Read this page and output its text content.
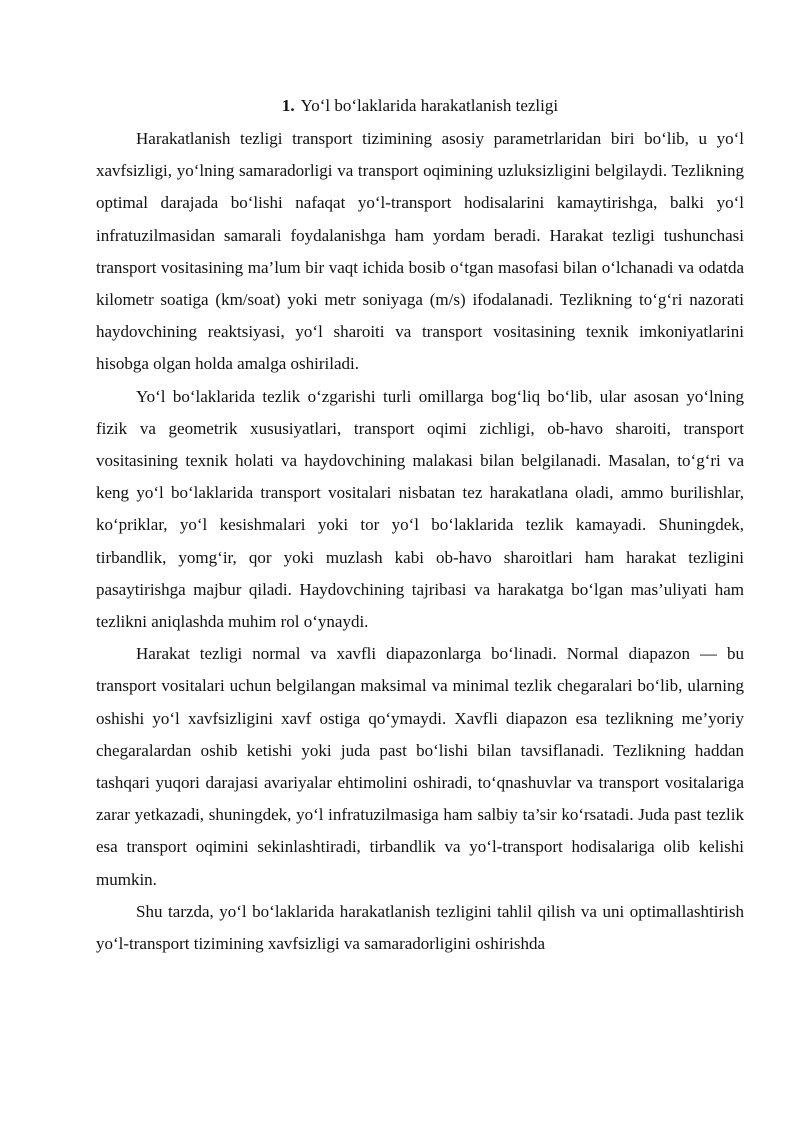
1. Yo‘l bo‘laklarida harakatlanish tezligi

Harakatlanish tezligi transport tizimining asosiy parametrlaridan biri bo‘lib, u yo‘l xavfsizligi, yo‘lning samaradorligi va transport oqimining uzluksizligini belgilaydi. Tezlikning optimal darajada bo‘lishi nafaqat yo‘l-transport hodisalarini kamaytirishga, balki yo‘l infratuzilmasidan samarali foydalanishga ham yordam beradi. Harakat tezligi tushunchasi transport vositasining ma’lum bir vaqt ichida bosib o‘tgan masofasi bilan o‘lchanadi va odatda kilometr soatiga (km/soat) yoki metr soniyaga (m/s) ifodalanadi. Tezlikning to‘g‘ri nazorati haydovchining reaktsiyasi, yo‘l sharoiti va transport vositasining texnik imkoniyatlarini hisobga olgan holda amalga oshiriladi.

Yo‘l bo‘laklarida tezlik o‘zgarishi turli omillarga bog‘liq bo‘lib, ular asosan yo‘lning fizik va geometrik xususiyatlari, transport oqimi zichligi, ob-havo sharoiti, transport vositasining texnik holati va haydovchining malakasi bilan belgilanadi. Masalan, to‘g‘ri va keng yo‘l bo‘laklarida transport vositalari nisbatan tez harakatlana oladi, ammo burilishlar, ko‘priklar, yo‘l kesishmalari yoki tor yo‘l bo‘laklarida tezlik kamayadi. Shuningdek, tirbandlik, yomg‘ir, qor yoki muzlash kabi ob-havo sharoitlari ham harakat tezligini pasaytirishga majbur qiladi. Haydovchining tajribasi va harakatga bo‘lgan mas’uliyati ham tezlikni aniqlashda muhim rol o‘ynaydi.

Harakat tezligi normal va xavfli diapazonlarga bo‘linadi. Normal diapazon — bu transport vositalari uchun belgilangan maksimal va minimal tezlik chegaralari bo‘lib, ularning oshishi yo‘l xavfsizligini xavf ostiga qo‘ymaydi. Xavfli diapazon esa tezlikning me’yoriy chegaralardan oshib ketishi yoki juda past bo‘lishi bilan tavsiflanadi. Tezlikning haddan tashqari yuqori darajasi avariyalar ehtimolini oshiradi, to‘qnashuvlar va transport vositalariga zarar yetkazadi, shuningdek, yo‘l infratuzilmasiga ham salbiy ta’sir ko‘rsatadi. Juda past tezlik esa transport oqimini sekinlashtiradi, tirbandlik va yo‘l-transport hodisalariga olib kelishi mumkin.

Shu tarzda, yo‘l bo‘laklarida harakatlanish tezligini tahlil qilish va uni optimallashtirish yo‘l-transport tizimining xavfsizligi va samaradorligini oshirishda
